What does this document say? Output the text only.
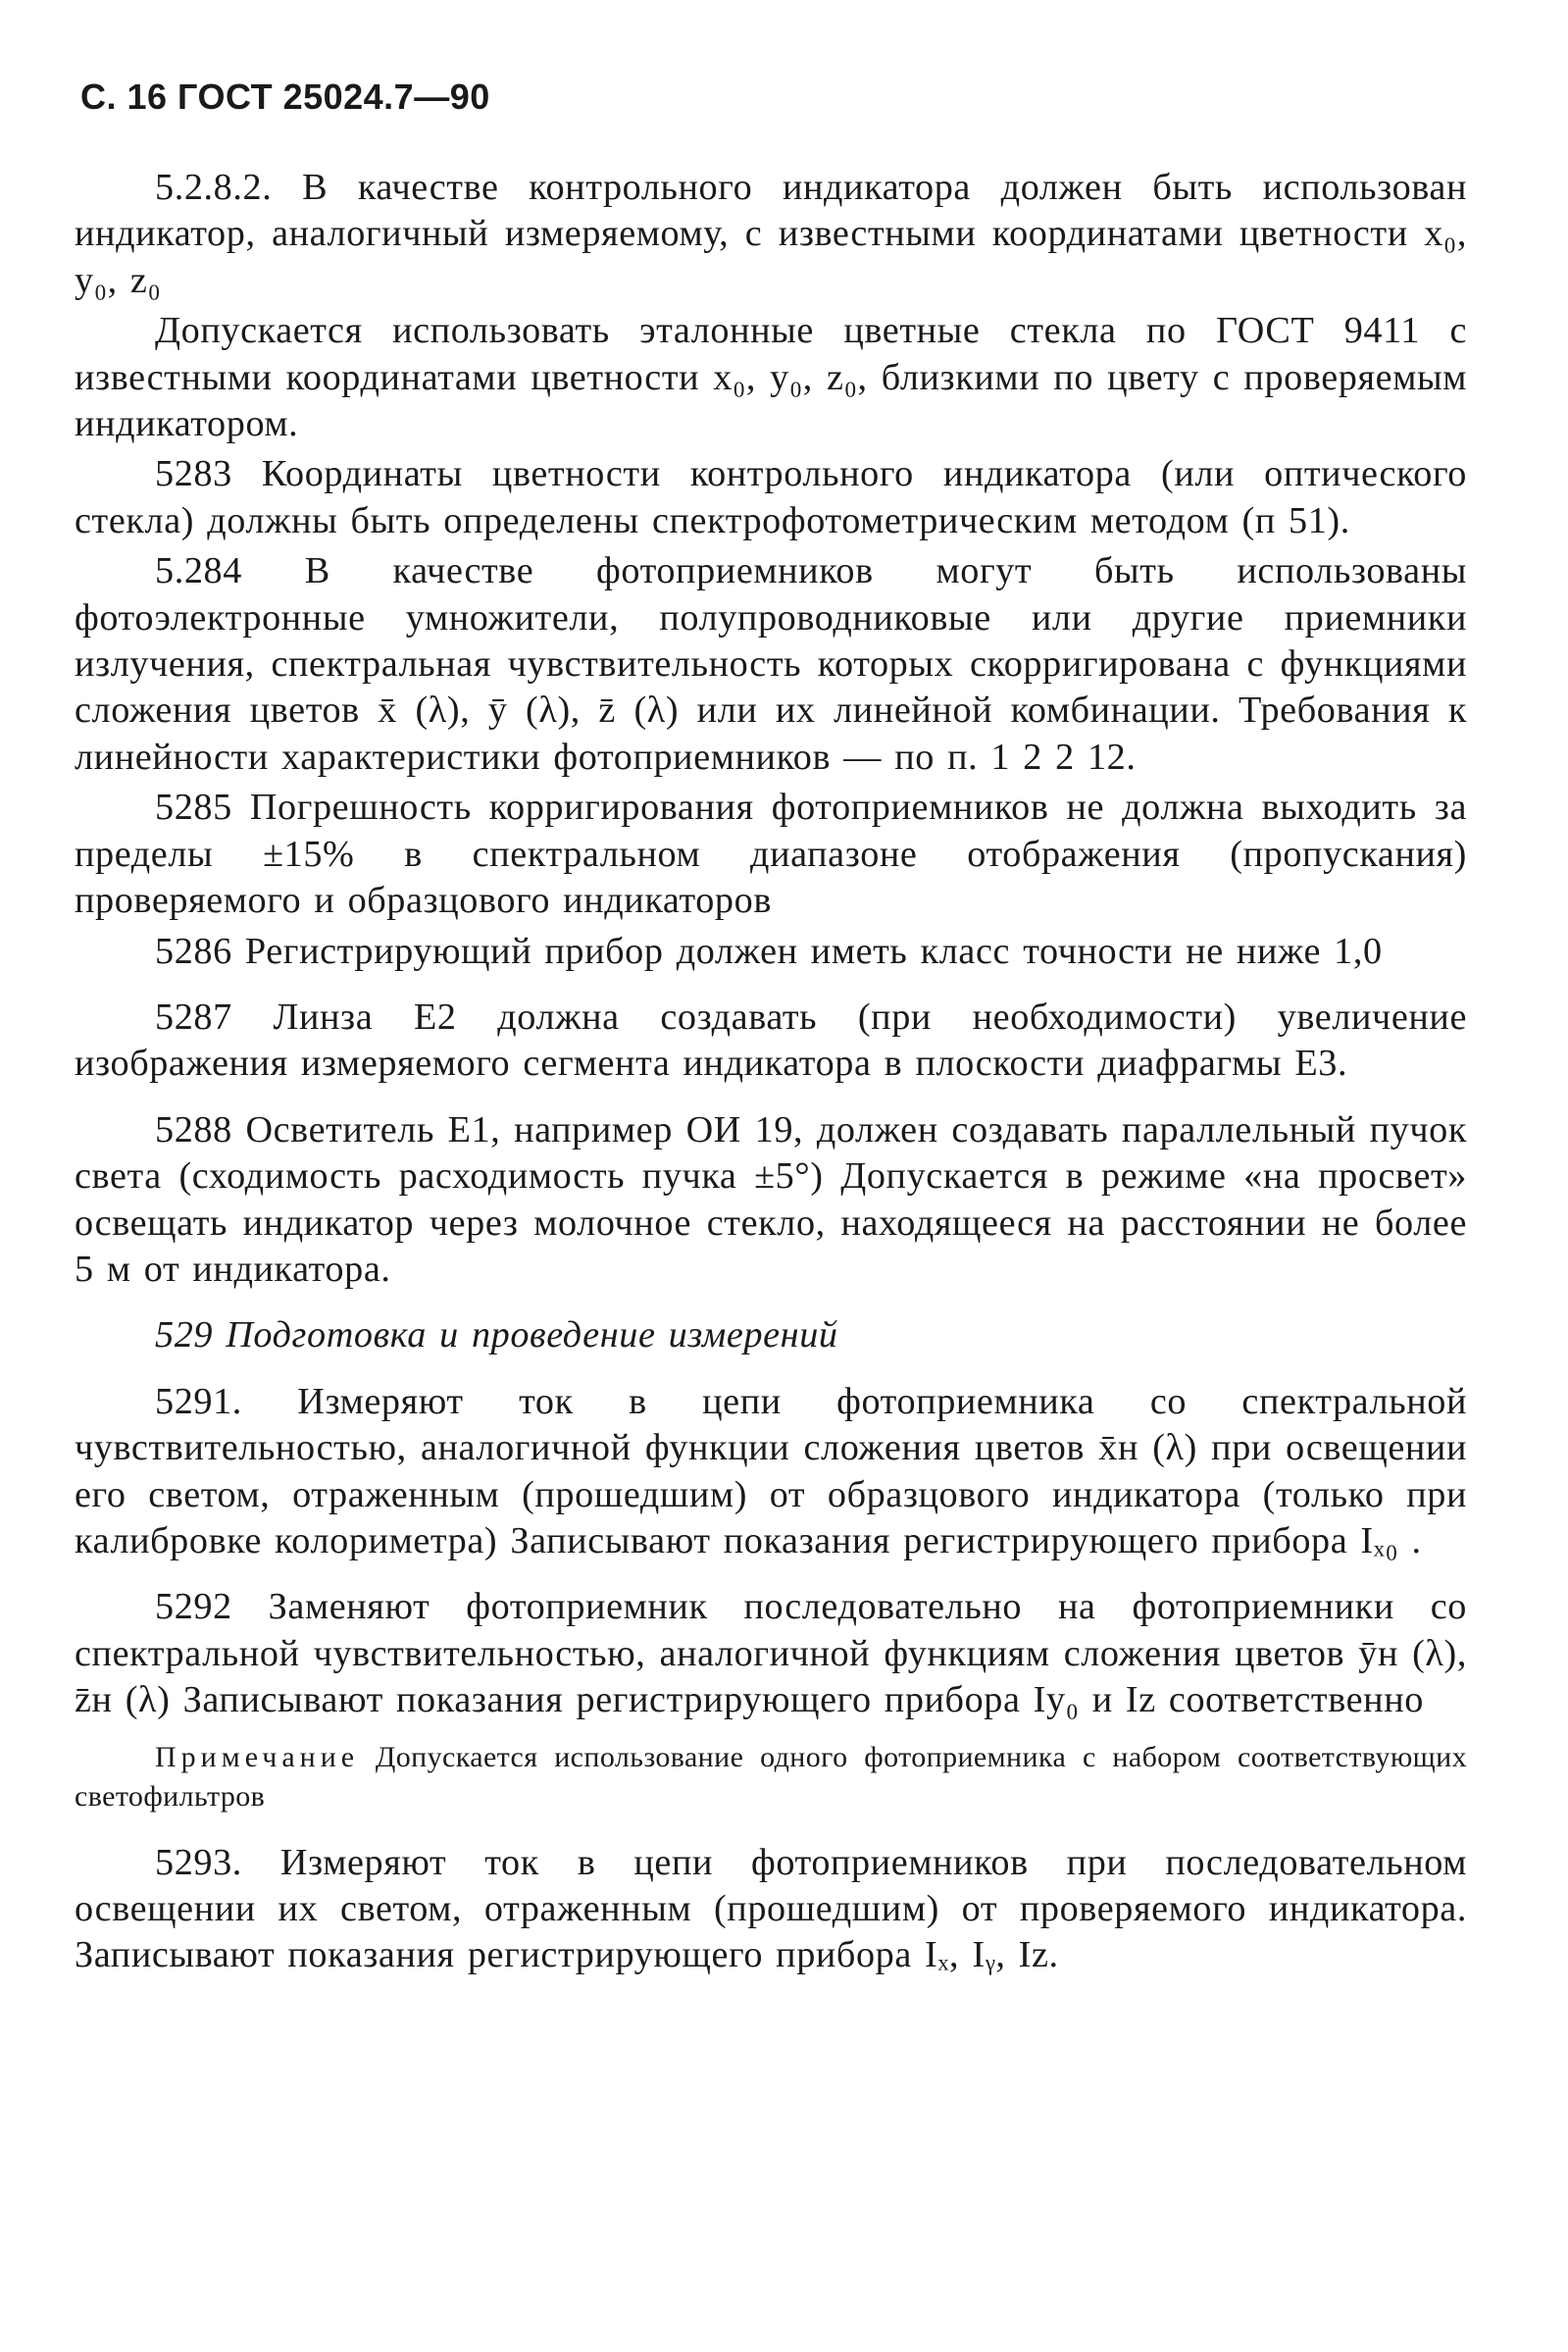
С. 16 ГОСТ 25024.7—90

5.2.8.2. В качестве контрольного индикатора должен быть использован индикатор, аналогичный измеряемому, с известными координатами цветности x₀, y₀, z₀

Допускается использовать эталонные цветные стекла по ГОСТ 9411 с известными координатами цветности x₀, y₀, z₀, близкими по цвету с проверяемым индикатором.

5283 Координаты цветности контрольного индикатора (или оптического стекла) должны быть определены спектрофотометрическим методом (п 51).

5.284 В качестве фотоприемников могут быть использованы фотоэлектронные умножители, полупроводниковые или другие приемники излучения, спектральная чувствительность которых скорригирована с функциями сложения цветов x̄ (λ), ȳ (λ), z̄ (λ) или их линейной комбинации. Требования к линейности характеристики фотоприемников — по п. 1 2 2 12.

5285 Погрешность корригирования фотоприемников не должна выходить за пределы ±15% в спектральном диапазоне отображения (пропускания) проверяемого и образцового индикаторов

5286 Регистрирующий прибор должен иметь класс точности не ниже 1,0

5287 Линза Е2 должна создавать (при необходимости) увеличение изображения измеряемого сегмента индикатора в плоскости диафрагмы Е3.

5288 Осветитель Е1, например ОИ 19, должен создавать параллельный пучок света (сходимость расходимость пучка ±5°) Допускается в режиме «на просвет» освещать индикатор через молочное стекло, находящееся на расстоянии не более 5 м от индикатора.

529 Подготовка и проведение измерений

5291. Измеряют ток в цепи фотоприемника со спектральной чувствительностью, аналогичной функции сложения цветов x̄н (λ) при освещении его светом, отраженным (прошедшим) от образцового индикатора (только при калибровке колориметра) Записывают показания регистрирующего прибора Iₓ₀ .

5292 Заменяют фотоприемник последовательно на фотоприемники со спектральной чувствительностью, аналогичной функциям сложения цветов ȳн (λ), z̄н (λ) Записывают показания регистрирующего прибора Iy₀ и Iz соответственно

Примечание Допускается использование одного фотоприемника с набором соответствующих светофильтров

5293. Измеряют ток в цепи фотоприемников при последовательном освещении их светом, отраженным (прошедшим) от проверяемого индикатора. Записывают показания регистрирующего прибора Iₓ, Iᵧ, Iz.
